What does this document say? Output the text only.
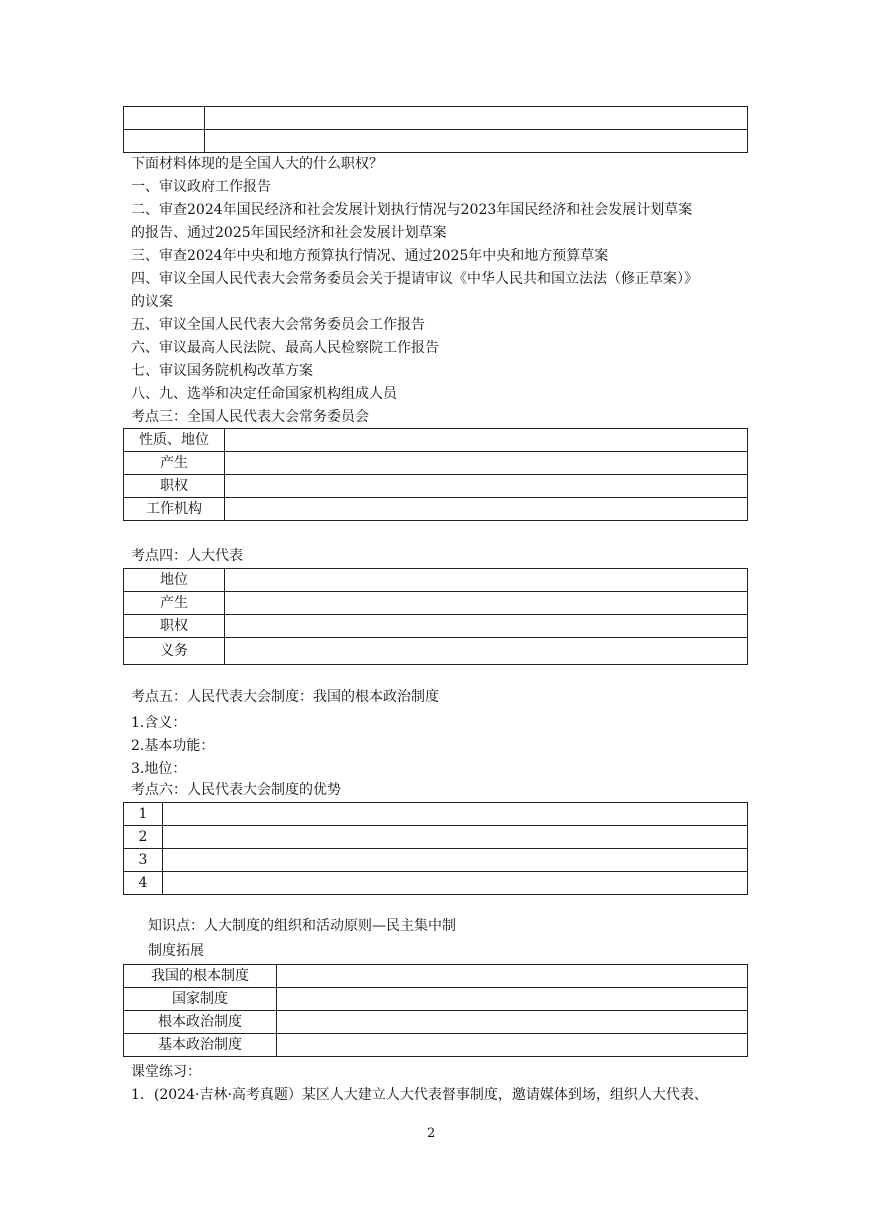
下面材料体现的是全国人大的什么职权？
一、审议政府工作报告
二、审查2024年国民经济和社会发展计划执行情况与2023年国民经济和社会发展计划草案
的报告、通过2025年国民经济和社会发展计划草案
三、审查2024年中央和地方预算执行情况、通过2025年中央和地方预算草案
四、审议全国人民代表大会常务委员会关于提请审议《中华人民共和国立法法（修正草案）》
的议案
五、审议全国人民代表大会常务委员会工作报告
六、审议最高人民法院、最高人民检察院工作报告
七、审议国务院机构改革方案
八、九、选举和决定任命国家机构组成人员
考点三：全国人民代表大会常务委员会
性质、地位	
产生	
职权	
工作机构	
考点四：人大代表
地位	
产生	
职权	
义务	
考点五：人民代表大会制度：我国的根本政治制度
1.含义：
2.基本功能：
3.地位：
考点六：人民代表大会制度的优势
1	
2	
3	
4	
知识点：人大制度的组织和活动原则—民主集中制
制度拓展
我国的根本制度	
国家制度	
根本政治制度	
基本政治制度	
课堂练习：
1．(2024·吉林·高考真题）某区人大建立人大代表督事制度，邀请媒体到场，组织人大代表、
2
